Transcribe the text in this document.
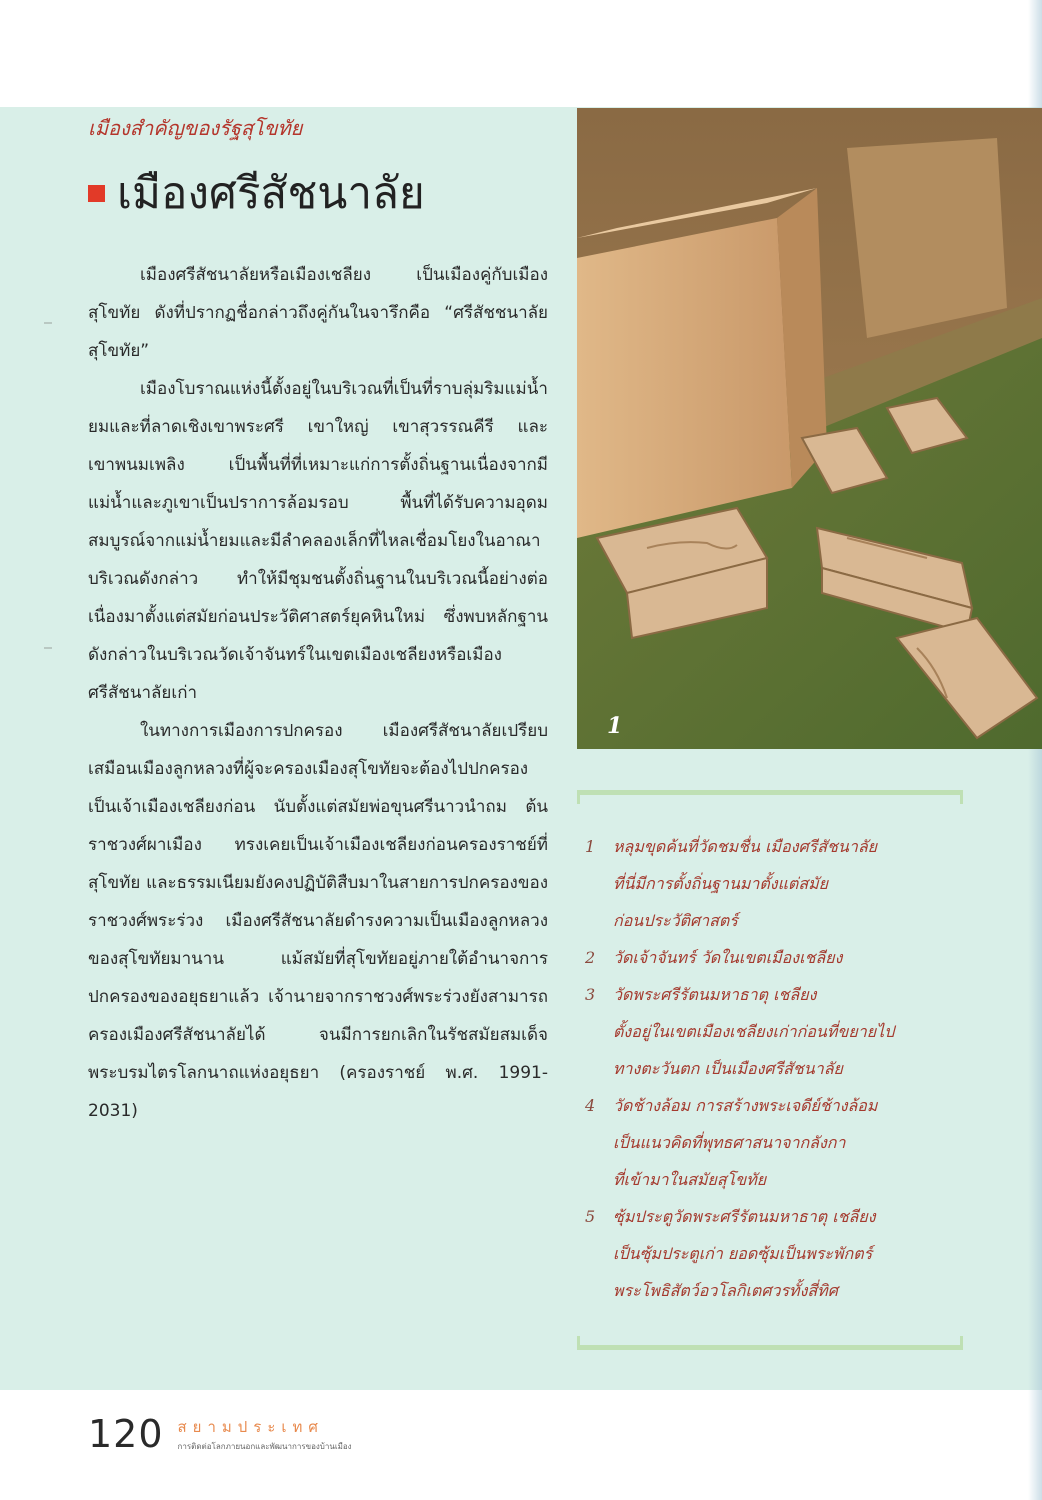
เมืองสำคัญของรัฐสุโขทัย
เมืองศรีสัชนาลัย

เมืองศรีสัชนาลัยหรือเมืองเชลียง เป็นเมืองคู่กับเมืองสุโขทัย ดังที่ปรากฏชื่อกล่าวถึงคู่กันในจารึกคือ “ศรีสัชชนาลัยสุโขทัย”

เมืองโบราณแห่งนี้ตั้งอยู่ในบริเวณที่เป็นที่ราบลุ่มริมแม่น้ำยมและที่ลาดเชิงเขาพระศรี เขาใหญ่ เขาสุวรรณคีรี และเขาพนมเพลิง เป็นพื้นที่ที่เหมาะแก่การตั้งถิ่นฐานเนื่องจากมีแม่น้ำและภูเขาเป็นปราการล้อมรอบ พื้นที่ได้รับความอุดมสมบูรณ์จากแม่น้ำยมและมีลำคลองเล็กที่ไหลเชื่อมโยงในอาณาบริเวณดังกล่าว ทำให้มีชุมชนตั้งถิ่นฐานในบริเวณนี้อย่างต่อเนื่องมาตั้งแต่สมัยก่อนประวัติศาสตร์ยุคหินใหม่ ซึ่งพบหลักฐานดังกล่าวในบริเวณวัดเจ้าจันทร์ในเขตเมืองเชลียงหรือเมืองศรีสัชนาลัยเก่า

ในทางการเมืองการปกครอง เมืองศรีสัชนาลัยเปรียบเสมือนเมืองลูกหลวงที่ผู้จะครองเมืองสุโขทัยจะต้องไปปกครองเป็นเจ้าเมืองเชลียงก่อน นับตั้งแต่สมัยพ่อขุนศรีนาวนำถม ต้นราชวงศ์ผาเมือง ทรงเคยเป็นเจ้าเมืองเชลียงก่อนครองราชย์ที่สุโขทัย และธรรมเนียมยังคงปฏิบัติสืบมาในสายการปกครองของราชวงศ์พระร่วง เมืองศรีสัชนาลัยดำรงความเป็นเมืองลูกหลวงของสุโขทัยมานาน แม้สมัยที่สุโขทัยอยู่ภายใต้อำนาจการปกครองของอยุธยาแล้ว เจ้านายจากราชวงศ์พระร่วงยังสามารถครองเมืองศรีสัชนาลัยได้ จนมีการยกเลิกในรัชสมัยสมเด็จพระบรมไตรโลกนาถแห่งอยุธยา (ครองราชย์ พ.ศ. 1991-2031)

1
1	หลุมขุดค้นที่วัดชมชื่น เมืองศรีสัชนาลัย
ที่นี่มีการตั้งถิ่นฐานมาตั้งแต่สมัย
ก่อนประวัติศาสตร์
2	วัดเจ้าจันทร์ วัดในเขตเมืองเชลียง
3	วัดพระศรีรัตนมหาธาตุ เชลียง
ตั้งอยู่ในเขตเมืองเชลียงเก่าก่อนที่ขยายไป
ทางตะวันตก เป็นเมืองศรีสัชนาลัย
4	วัดช้างล้อม การสร้างพระเจดีย์ช้างล้อม
เป็นแนวคิดที่พุทธศาสนาจากลังกา
ที่เข้ามาในสมัยสุโขทัย
5	ซุ้มประตูวัดพระศรีรัตนมหาธาตุ เชลียง
เป็นซุ้มประตูเก่า ยอดซุ้มเป็นพระพักตร์
พระโพธิสัตว์อวโลกิเตศวรทั้งสี่ทิศ
120 สยามประเทศ
การติดต่อโลกภายนอกและพัฒนาการของบ้านเมือง
